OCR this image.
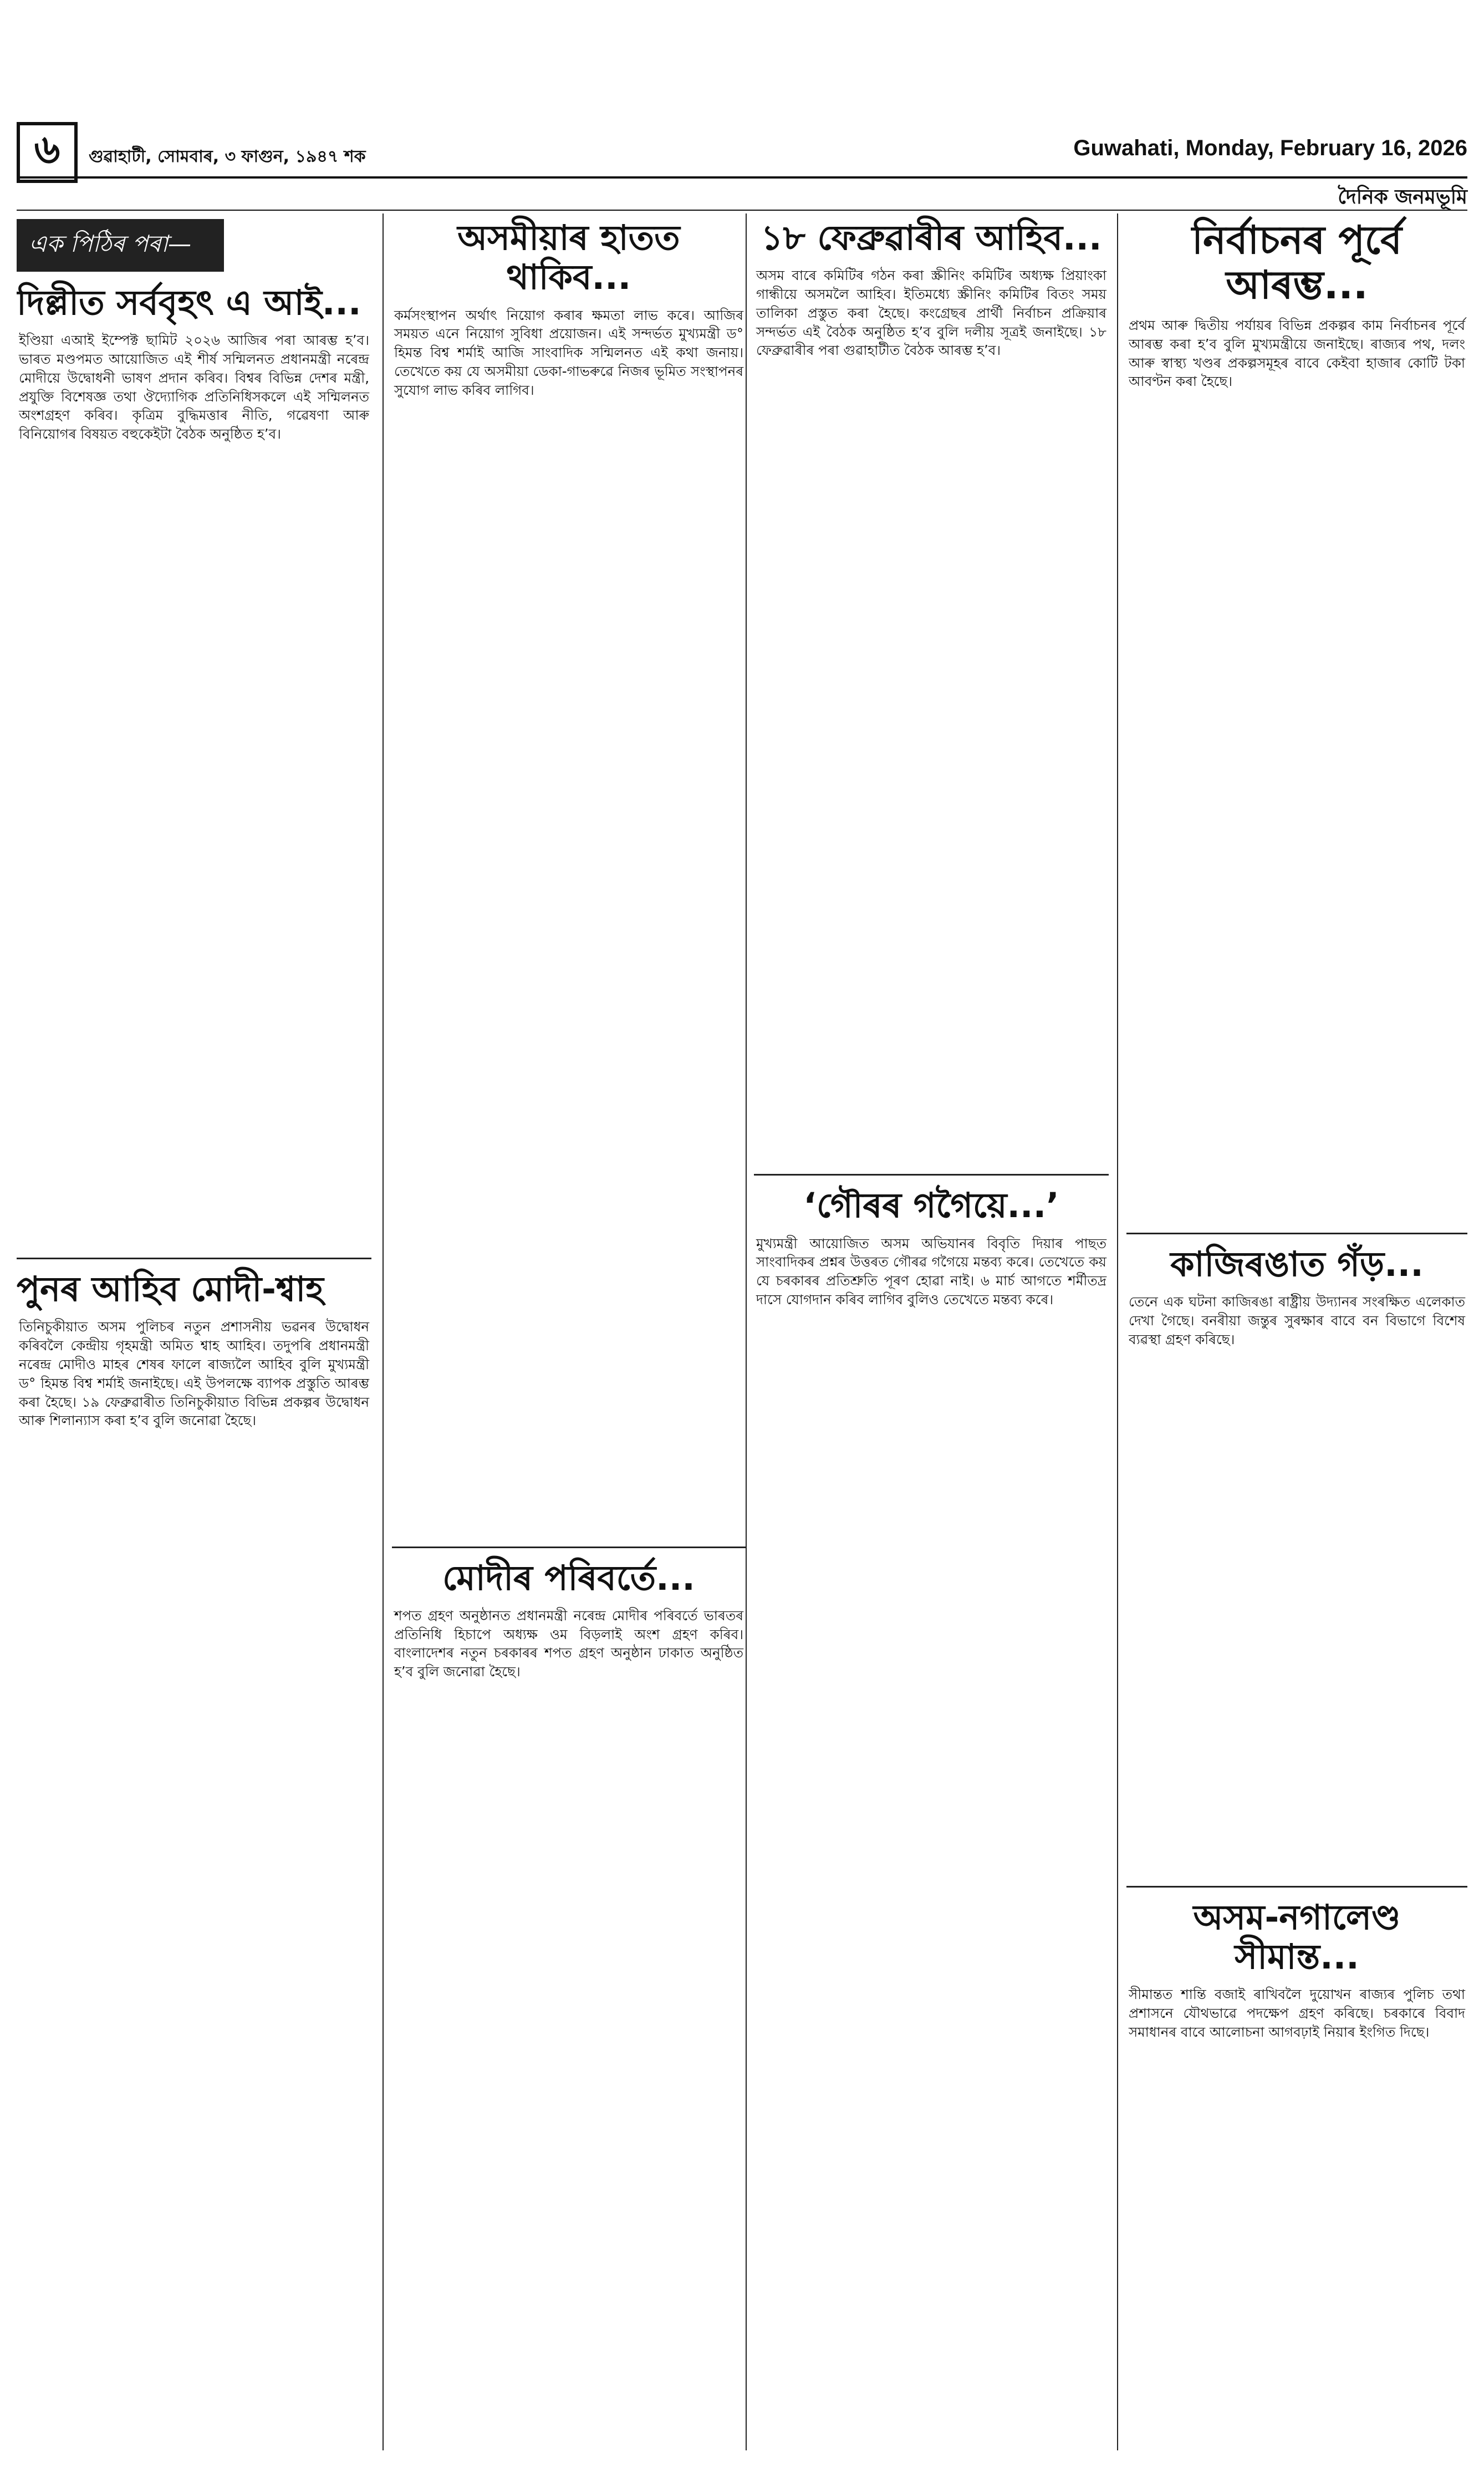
৬	গুৱাহাটী, সোমবাৰ, ৩ ফাগুন, ১৯৪৭ শক	Guwahati, Monday, February 16, 2026
দৈনিক জনমভূমি
এক পিঠিৰ পৰা—
দিল্লীত সৰ্ববৃহৎ এ আই...

ইণ্ডিয়া এআই ইম্পেক্ট ছামিট ২০২৬ আজিৰ পৰা আৰম্ভ হ’ব। ভাৰত মণ্ডপমত আয়োজিত এই শীৰ্ষ সন্মিলনত প্ৰধানমন্ত্ৰী নৰেন্দ্ৰ মোদীয়ে উদ্বোধনী ভাষণ প্ৰদান কৰিব। বিশ্বৰ বিভিন্ন দেশৰ মন্ত্ৰী, প্ৰযুক্তি বিশেষজ্ঞ তথা ঔদ্যোগিক প্ৰতিনিধিসকলে এই সন্মিলনত অংশগ্ৰহণ কৰিব। কৃত্ৰিম বুদ্ধিমত্তাৰ নীতি, গৱেষণা আৰু বিনিয়োগৰ বিষয়ত বহুকেইটা বৈঠক অনুষ্ঠিত হ’ব।

পুনৰ আহিব মোদী-শ্বাহ

তিনিচুকীয়াত অসম পুলিচৰ নতুন প্ৰশাসনীয় ভৱনৰ উদ্বোধন কৰিবলৈ কেন্দ্ৰীয় গৃহমন্ত্ৰী অমিত শ্বাহ আহিব। তদুপৰি প্ৰধানমন্ত্ৰী নৰেন্দ্ৰ মোদীও মাহৰ শেষৰ ফালে ৰাজ্যলৈ আহিব বুলি মুখ্যমন্ত্ৰী ড° হিমন্ত বিশ্ব শৰ্মাই জনাইছে। এই উপলক্ষে ব্যাপক প্ৰস্তুতি আৰম্ভ কৰা হৈছে। ১৯ ফেব্ৰুৱাৰীত তিনিচুকীয়াত বিভিন্ন প্ৰকল্পৰ উদ্বোধন আৰু শিলান্যাস কৰা হ’ব বুলি জনোৱা হৈছে।

অসমীয়াৰ হাতত থাকিব...

কৰ্মসংস্থাপন অৰ্থাৎ নিয়োগ কৰাৰ ক্ষমতা লাভ কৰে। আজিৰ সময়ত এনে নিয়োগ সুবিধা প্ৰয়োজন। এই সন্দৰ্ভত মুখ্যমন্ত্ৰী ড° হিমন্ত বিশ্ব শৰ্মাই আজি সাংবাদিক সন্মিলনত এই কথা জনায়। তেখেতে কয় যে অসমীয়া ডেকা-গাভৰুৱে নিজৰ ভূমিত সংস্থাপনৰ সুযোগ লাভ কৰিব লাগিব।

মোদীৰ পৰিবৰ্তে...

শপত গ্ৰহণ অনুষ্ঠানত প্ৰধানমন্ত্ৰী নৰেন্দ্ৰ মোদীৰ পৰিবৰ্তে ভাৰতৰ প্ৰতিনিধি হিচাপে অধ্যক্ষ ওম বিড়লাই অংশ গ্ৰহণ কৰিব। বাংলাদেশৰ নতুন চৰকাৰৰ শপত গ্ৰহণ অনুষ্ঠান ঢাকাত অনুষ্ঠিত হ’ব বুলি জনোৱা হৈছে।

১৮ ফেব্ৰুৱাৰীৰ আহিব...

অসম বাৰে কমিটিৰ গঠন কৰা স্ক্ৰীনিং কমিটিৰ অধ্যক্ষ প্ৰিয়াংকা গান্ধীয়ে অসমলৈ আহিব। ইতিমধ্যে স্ক্ৰীনিং কমিটিৰ বিতং সময় তালিকা প্ৰস্তুত কৰা হৈছে। কংগ্ৰেছৰ প্ৰাৰ্থী নিৰ্বাচন প্ৰক্ৰিয়াৰ সন্দৰ্ভত এই বৈঠক অনুষ্ঠিত হ’ব বুলি দলীয় সূত্ৰই জনাইছে। ১৮ ফেব্ৰুৱাৰীৰ পৰা গুৱাহাটীত বৈঠক আৰম্ভ হ’ব।

‘গৌৰৰ গগৈয়ে...’

মুখ্যমন্ত্ৰী আয়োজিত অসম অভিযানৰ বিবৃতি দিয়াৰ পাছত সাংবাদিকৰ প্ৰশ্নৰ উত্তৰত গৌৰৱ গগৈয়ে মন্তব্য কৰে। তেখেতে কয় যে চৰকাৰৰ প্ৰতিশ্ৰুতি পূৰণ হোৱা নাই। ৬ মাৰ্চ আগতে শৰ্মীতদ্ৰ দাসে যোগদান কৰিব লাগিব বুলিও তেখেতে মন্তব্য কৰে।

নিৰ্বাচনৰ পূৰ্বে আৰম্ভ...

প্ৰথম আৰু দ্বিতীয় পৰ্যায়ৰ বিভিন্ন প্ৰকল্পৰ কাম নিৰ্বাচনৰ পূৰ্বে আৰম্ভ কৰা হ’ব বুলি মুখ্যমন্ত্ৰীয়ে জনাইছে। ৰাজ্যৰ পথ, দলং আৰু স্বাস্থ্য খণ্ডৰ প্ৰকল্পসমূহৰ বাবে কেইবা হাজাৰ কোটি টকা আবণ্টন কৰা হৈছে।

কাজিৰঙাত গঁড়...

তেনে এক ঘটনা কাজিৰঙা ৰাষ্ট্ৰীয় উদ্যানৰ সংৰক্ষিত এলেকাত দেখা গৈছে। বনৰীয়া জন্তুৰ সুৰক্ষাৰ বাবে বন বিভাগে বিশেষ ব্যৱস্থা গ্ৰহণ কৰিছে।

অসম-নগালেণ্ড সীমান্ত...

সীমান্তত শান্তি বজাই ৰাখিবলৈ দুয়োখন ৰাজ্যৰ পুলিচ তথা প্ৰশাসনে যৌথভাৱে পদক্ষেপ গ্ৰহণ কৰিছে। চৰকাৰে বিবাদ সমাধানৰ বাবে আলোচনা আগবঢ়াই নিয়াৰ ইংগিত দিছে।
